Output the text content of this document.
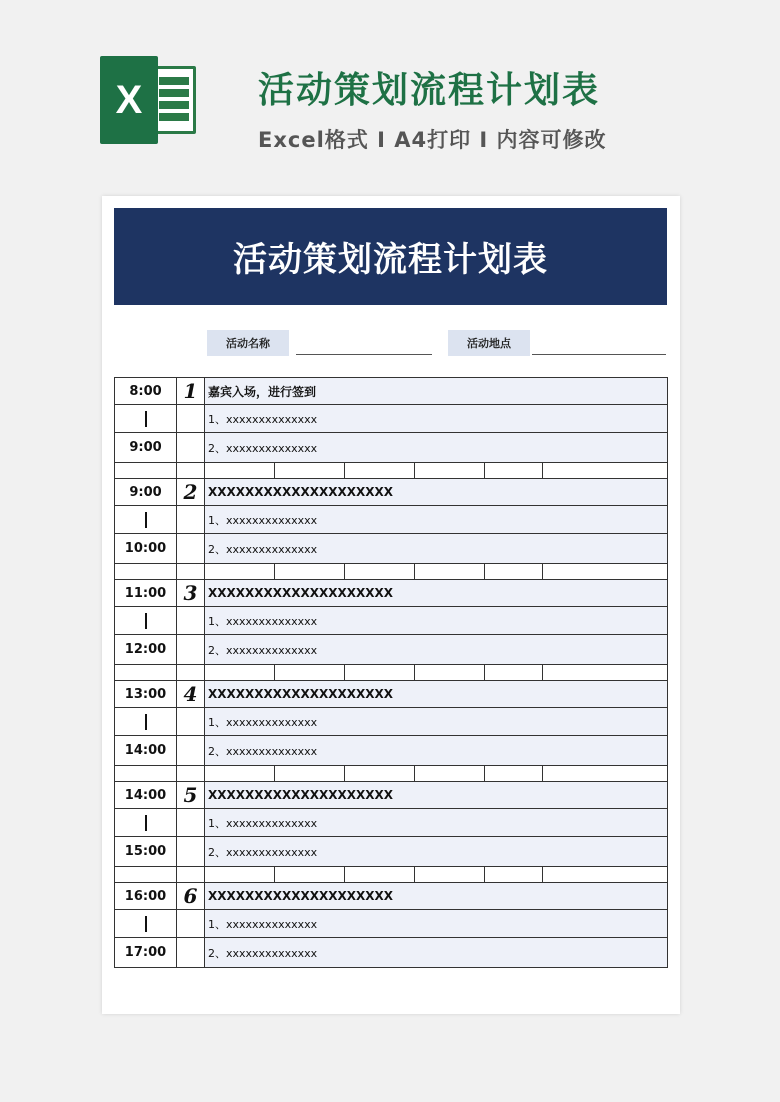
X	活动策划流程计划表
Excel格式 I A4打印 I 内容可修改
活动策划流程计划表
活动名称	活动地点
8:00	1	嘉宾入场，进行签到					
		1、xxxxxxxxxxxxxx					
9:00		2、xxxxxxxxxxxxxx					

9:00	2	XXXXXXXXXXXXXXXXXXXX					
		1、xxxxxxxxxxxxxx					
10:00		2、xxxxxxxxxxxxxx					

11:00	3	XXXXXXXXXXXXXXXXXXXX					
		1、xxxxxxxxxxxxxx					
12:00		2、xxxxxxxxxxxxxx					

13:00	4	XXXXXXXXXXXXXXXXXXXX					
		1、xxxxxxxxxxxxxx					
14:00		2、xxxxxxxxxxxxxx					

14:00	5	XXXXXXXXXXXXXXXXXXXX					
		1、xxxxxxxxxxxxxx					
15:00		2、xxxxxxxxxxxxxx					

16:00	6	XXXXXXXXXXXXXXXXXXXX					
		1、xxxxxxxxxxxxxx					
17:00		2、xxxxxxxxxxxxxx					
